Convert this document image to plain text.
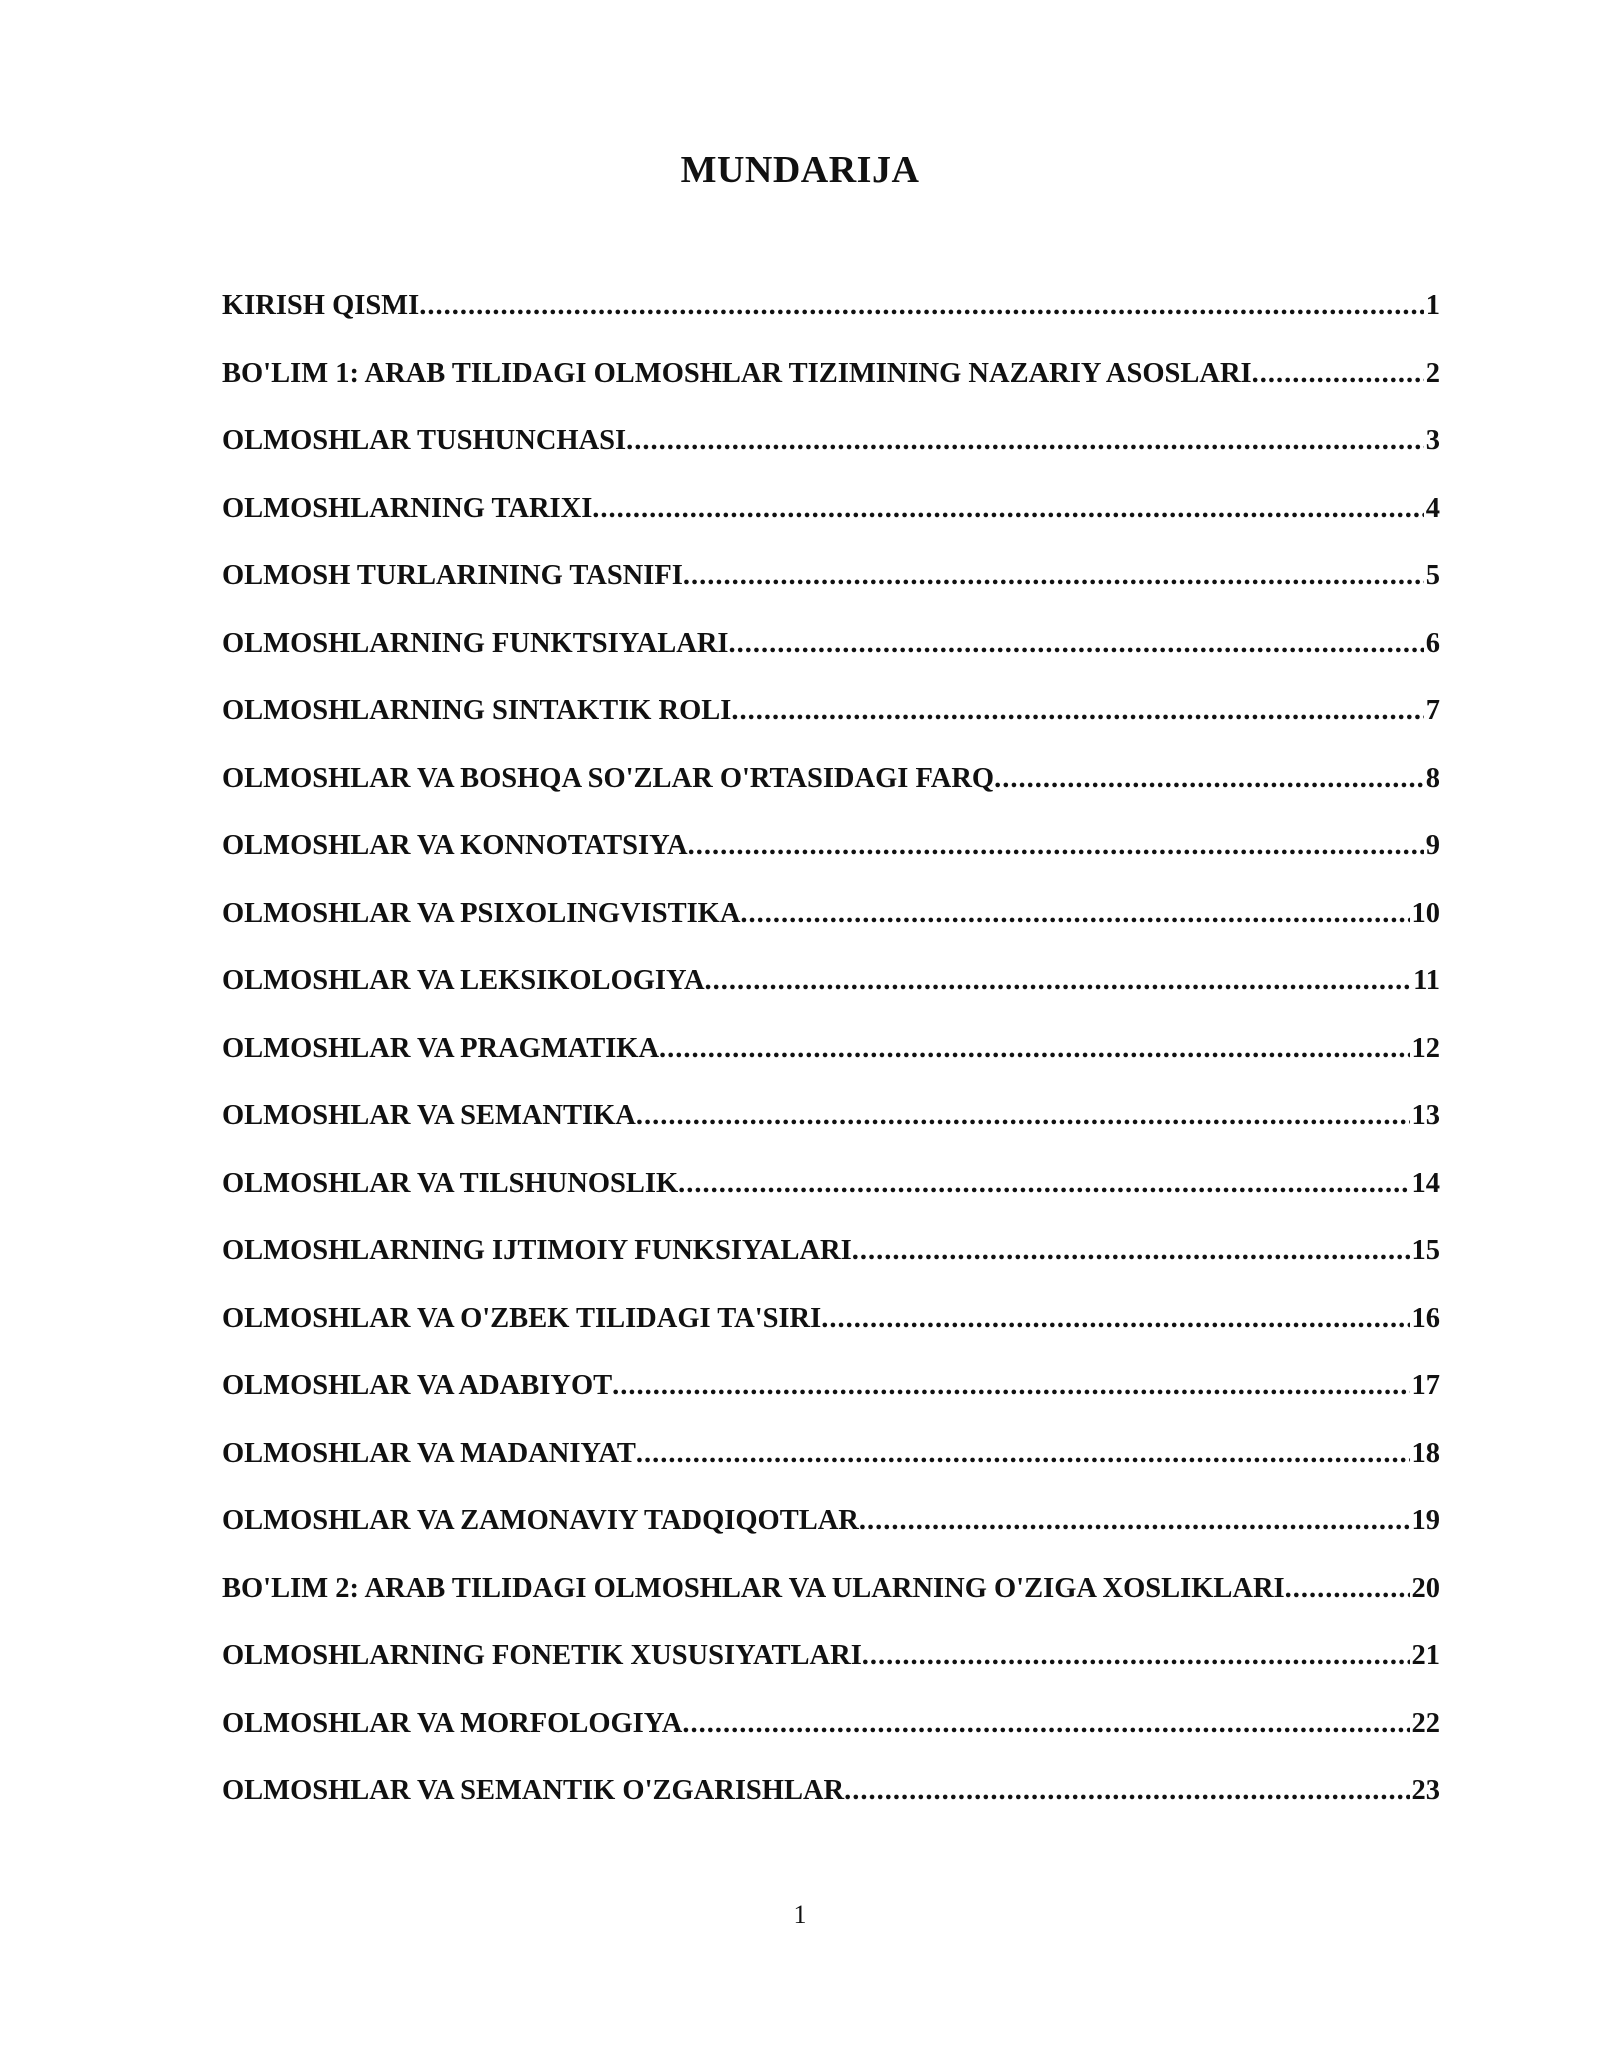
MUNDARIJA
KIRISH QISMI .....	1
BO'LIM 1: ARAB TILIDAGI OLMOSHLAR TIZIMINING NAZARIY ASOSLARI .....	2
OLMOSHLAR TUSHUNCHASI .....	3
OLMOSHLARNING TARIXI .....	4
OLMOSH TURLARINING TASNIFI .....	5
OLMOSHLARNING FUNKTSIYALARI .....	6
OLMOSHLARNING SINTAKTIK ROLI .....	7
OLMOSHLAR VA BOSHQA SO'ZLAR O'RTASIDAGI FARQ .....	8
OLMOSHLAR VA KONNOTATSIYA .....	9
OLMOSHLAR VA PSIXOLINGVISTIKA .....	10
OLMOSHLAR VA LEKSIKOLOGIYA .....	11
OLMOSHLAR VA PRAGMATIKA .....	12
OLMOSHLAR VA SEMANTIKA .....	13
OLMOSHLAR VA TILSHUNOSLIK .....	14
OLMOSHLARNING IJTIMOIY FUNKSIYALARI .....	15
OLMOSHLAR VA O'ZBEK TILIDAGI TA'SIRI .....	16
OLMOSHLAR VA ADABIYOT .....	17
OLMOSHLAR VA MADANIYAT .....	18
OLMOSHLAR VA ZAMONAVIY TADQIQOTLAR .....	19
BO'LIM 2: ARAB TILIDAGI OLMOSHLAR VA ULARNING O'ZIGA XOSLIKLARI .....	20
OLMOSHLARNING FONETIK XUSUSIYATLARI .....	21
OLMOSHLAR VA MORFOLOGIYA .....	22
OLMOSHLAR VA SEMANTIK O'ZGARISHLAR .....	23
1
